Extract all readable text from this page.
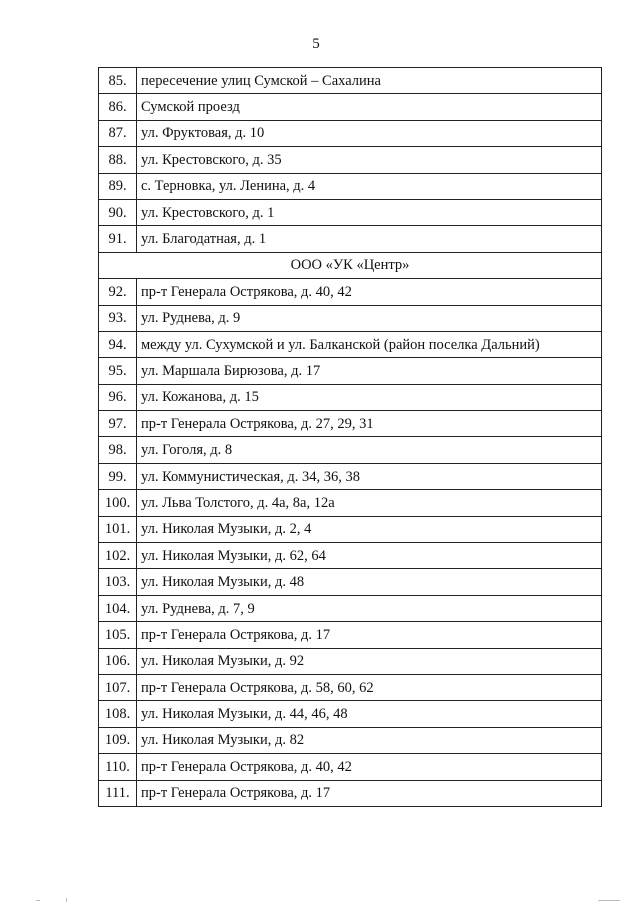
5
85.	пересечение улиц Сумской – Сахалина
86.	Сумской проезд
87.	ул. Фруктовая, д. 10
88.	ул. Крестовского, д. 35
89.	с. Терновка, ул. Ленина, д. 4
90.	ул. Крестовского, д. 1
91.	ул. Благодатная, д. 1
ООО «УК «Центр»	
92.	пр-т Генерала Острякова, д. 40, 42
93.	ул. Руднева, д. 9
94.	между ул. Сухумской и ул. Балканской (район поселка Дальний)
95.	ул. Маршала Бирюзова, д. 17
96.	ул. Кожанова, д. 15
97.	пр-т Генерала Острякова, д. 27, 29, 31
98.	ул. Гоголя, д. 8
99.	ул. Коммунистическая, д. 34, 36, 38
100.	ул. Льва Толстого, д. 4а, 8а, 12а
101.	ул. Николая Музыки, д. 2, 4
102.	ул. Николая Музыки, д. 62, 64
103.	ул. Николая Музыки, д. 48
104.	ул. Руднева, д. 7, 9
105.	пр-т Генерала Острякова, д. 17
106.	ул. Николая Музыки, д. 92
107.	пр-т Генерала Острякова, д. 58, 60, 62
108.	ул. Николая Музыки, д. 44, 46, 48
109.	ул. Николая Музыки, д. 82
110.	пр-т Генерала Острякова, д. 40, 42
111.	пр-т Генерала Острякова, д. 17
